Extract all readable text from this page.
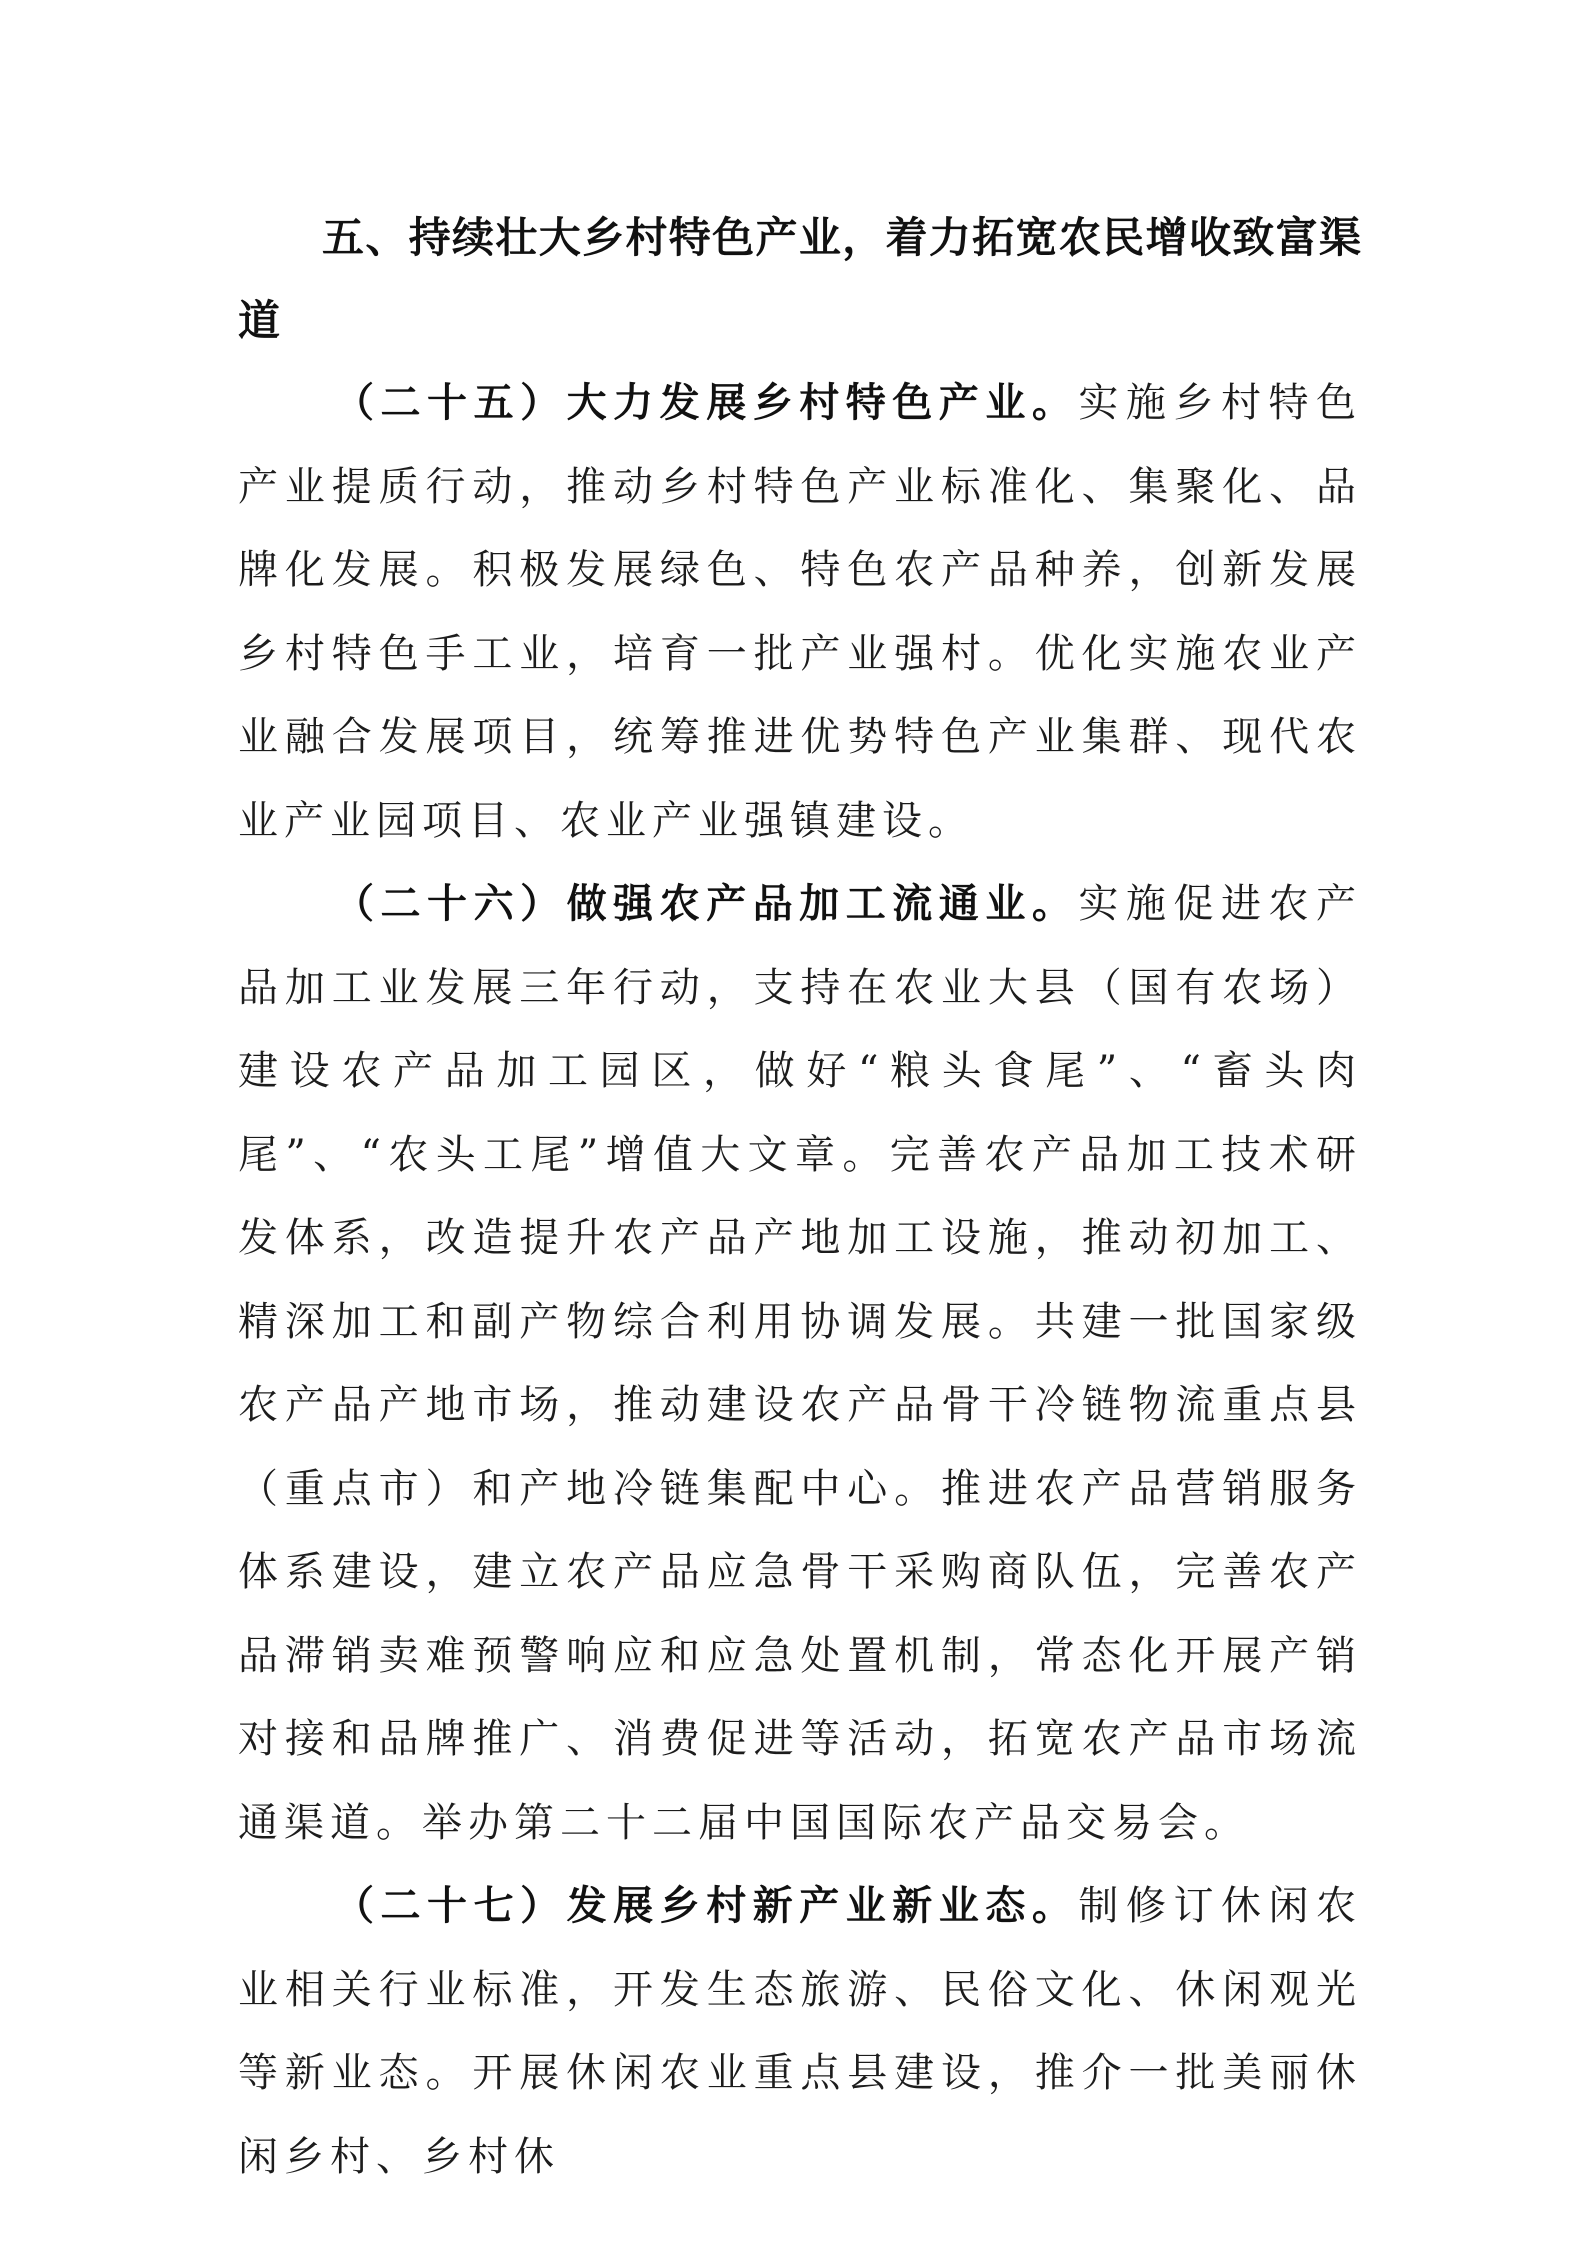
五、持续壮大乡村特色产业，着力拓宽农民增收致富渠道

（二十五）大力发展乡村特色产业。实施乡村特色产业提质行动，推动乡村特色产业标准化、集聚化、品牌化发展。积极发展绿色、特色农产品种养，创新发展乡村特色手工业，培育一批产业强村。优化实施农业产业融合发展项目，统筹推进优势特色产业集群、现代农业产业园项目、农业产业强镇建设。

（二十六）做强农产品加工流通业。实施促进农产品加工业发展三年行动，支持在农业大县（国有农场）建设农产品加工园区，做好“粮头食尾”、“畜头肉尾”、“农头工尾”增值大文章。完善农产品加工技术研发体系，改造提升农产品产地加工设施，推动初加工、精深加工和副产物综合利用协调发展。共建一批国家级农产品产地市场，推动建设农产品骨干冷链物流重点县（重点市）和产地冷链集配中心。推进农产品营销服务体系建设，建立农产品应急骨干采购商队伍，完善农产品滞销卖难预警响应和应急处置机制，常态化开展产销对接和品牌推广、消费促进等活动，拓宽农产品市场流通渠道。举办第二十二届中国国际农产品交易会。

（二十七）发展乡村新产业新业态。制修订休闲农业相关行业标准，开发生态旅游、民俗文化、休闲观光等新业态。开展休闲农业重点县建设，推介一批美丽休闲乡村、乡村休
